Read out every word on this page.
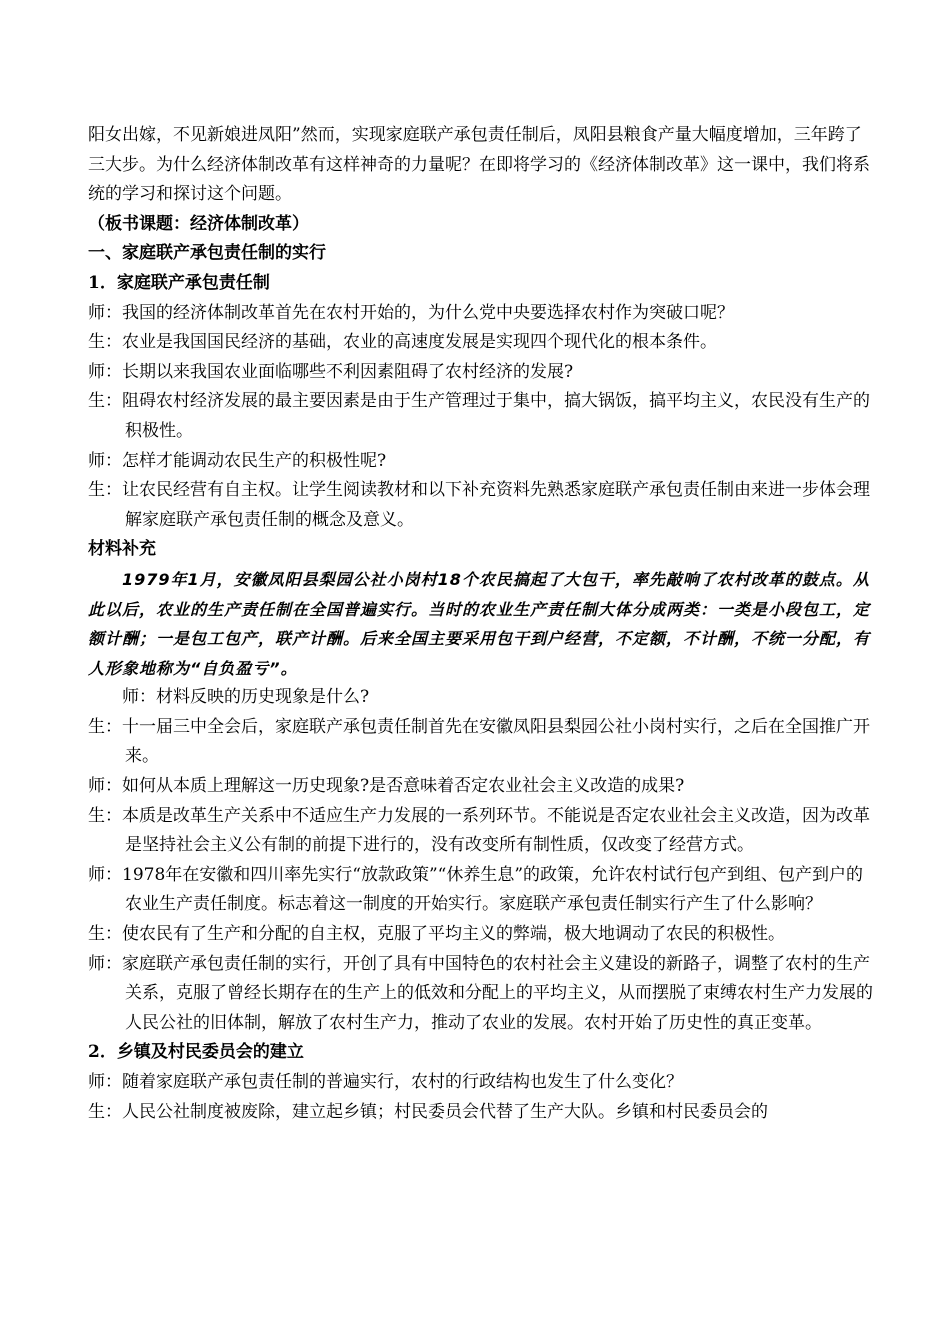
阳女出嫁，不见新娘进凤阳”然而，实现家庭联产承包责任制后，凤阳县粮食产量大幅度增加，三年跨了三大步。为什么经济体制改革有这样神奇的力量呢？在即将学习的《经济体制改革》这一课中，我们将系统的学习和探讨这个问题。

（板书课题：经济体制改革）

一、家庭联产承包责任制的实行

1．家庭联产承包责任制

师：我国的经济体制改革首先在农村开始的，为什么党中央要选择农村作为突破口呢？

生：农业是我国国民经济的基础，农业的高速度发展是实现四个现代化的根本条件。

师：长期以来我国农业面临哪些不利因素阻碍了农村经济的发展?

生：阻碍农村经济发展的最主要因素是由于生产管理过于集中，搞大锅饭，搞平均主义，农民没有生产的积极性。

师：怎样才能调动农民生产的积极性呢?

生：让农民经营有自主权。让学生阅读教材和以下补充资料先熟悉家庭联产承包责任制由来进一步体会理解家庭联产承包责任制的概念及意义。

材料补充

1979年1月，安徽凤阳县梨园公社小岗村18个农民搞起了大包干，率先敲响了农村改革的鼓点。从此以后，农业的生产责任制在全国普遍实行。当时的农业生产责任制大体分成两类：一类是小段包工，定额计酬；一是包工包产，联产计酬。后来全国主要采用包干到户经营，不定额，不计酬，不统一分配，有人形象地称为“自负盈亏”。

师：材料反映的历史现象是什么?

生：十一届三中全会后，家庭联产承包责任制首先在安徽凤阳县梨园公社小岗村实行，之后在全国推广开来。

师：如何从本质上理解这一历史现象?是否意味着否定农业社会主义改造的成果?

生：本质是改革生产关系中不适应生产力发展的一系列环节。不能说是否定农业社会主义改造，因为改革是坚持社会主义公有制的前提下进行的，没有改变所有制性质，仅改变了经营方式。

师：1978年在安徽和四川率先实行“放款政策”“休养生息”的政策，允许农村试行包产到组、包产到户的农业生产责任制度。标志着这一制度的开始实行。家庭联产承包责任制实行产生了什么影响？

生：使农民有了生产和分配的自主权，克服了平均主义的弊端，极大地调动了农民的积极性。

师：家庭联产承包责任制的实行，开创了具有中国特色的农村社会主义建设的新路子，调整了农村的生产关系，克服了曾经长期存在的生产上的低效和分配上的平均主义，从而摆脱了束缚农村生产力发展的人民公社的旧体制，解放了农村生产力，推动了农业的发展。农村开始了历史性的真正变革。

2．乡镇及村民委员会的建立

师：随着家庭联产承包责任制的普遍实行，农村的行政结构也发生了什么变化？

生：人民公社制度被废除，建立起乡镇；村民委员会代替了生产大队。乡镇和村民委员会的
